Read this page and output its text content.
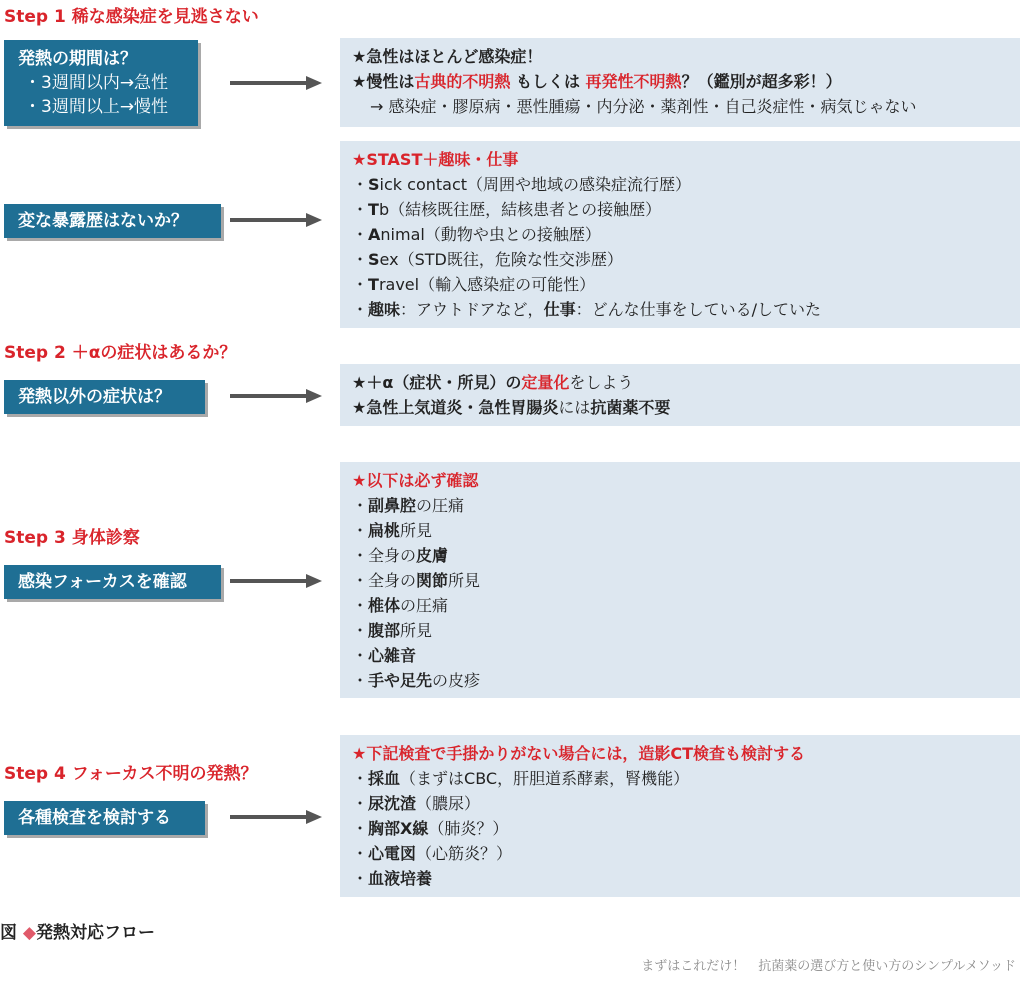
Step 1 稀な感染症を見逃さない
Step 2 ＋αの症状はあるか？
Step 3 身体診察
Step 4 フォーカス不明の発熱？
発熱の期間は？
・3週間以内→急性
・3週間以上→慢性
変な暴露歴はないか？
発熱以外の症状は？
感染フォーカスを確認
各種検査を検討する
★急性はほとんど感染症！
★慢性は古典的不明熱 もしくは 再発性不明熱？（鑑別が超多彩！）
→ 感染症・膠原病・悪性腫瘍・内分泌・薬剤性・自己炎症性・病気じゃない
★STAST＋趣味・仕事
・Sick contact（周囲や地域の感染症流行歴）
・Tb（結核既往歴，結核患者との接触歴）
・Animal（動物や虫との接触歴）
・Sex（STD既往，危険な性交渉歴）
・Travel（輸入感染症の可能性）
・趣味：アウトドアなど，仕事：どんな仕事をしている/していた
★＋α（症状・所見）の定量化をしよう
★急性上気道炎・急性胃腸炎には抗菌薬不要
★以下は必ず確認
・副鼻腔の圧痛
・扁桃所見
・全身の皮膚
・全身の関節所見
・椎体の圧痛
・腹部所見
・心雑音
・手や足先の皮疹
★下記検査で手掛かりがない場合には，造影CT検査も検討する
・採血（まずはCBC，肝胆道系酵素，腎機能）
・尿沈渣（膿尿）
・胸部X線（肺炎？）
・心電図（心筋炎？）
・血液培養
図 ◆発熱対応フロー
まずはこれだけ！　抗菌薬の選び方と使い方のシンプルメソッド
